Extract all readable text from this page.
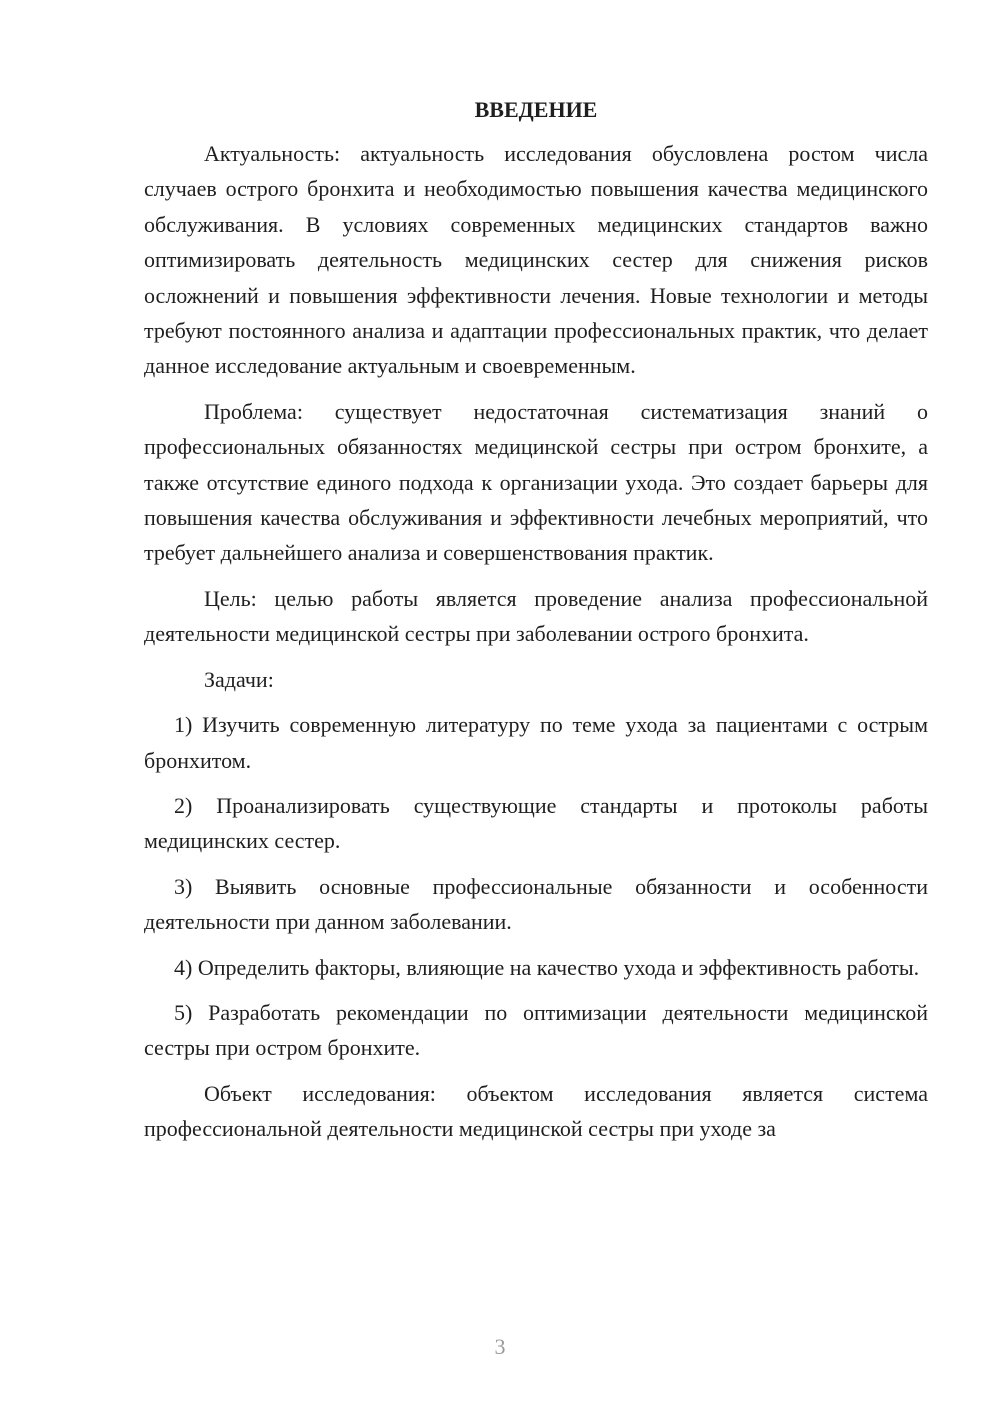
ВВЕДЕНИЕ

Актуальность: актуальность исследования обусловлена ростом числа случаев острого бронхита и необходимостью повышения качества медицинского обслуживания. В условиях современных медицинских стандартов важно оптимизировать деятельность медицинских сестер для снижения рисков осложнений и повышения эффективности лечения. Новые технологии и методы требуют постоянного анализа и адаптации профессиональных практик, что делает данное исследование актуальным и своевременным.

Проблема: существует недостаточная систематизация знаний о профессиональных обязанностях медицинской сестры при остром бронхите, а также отсутствие единого подхода к организации ухода. Это создает барьеры для повышения качества обслуживания и эффективности лечебных мероприятий, что требует дальнейшего анализа и совершенствования практик.

Цель: целью работы является проведение анализа профессиональной деятельности медицинской сестры при заболевании острого бронхита.

Задачи:

1) Изучить современную литературу по теме ухода за пациентами с острым бронхитом.

2) Проанализировать существующие стандарты и протоколы работы медицинских сестер.

3) Выявить основные профессиональные обязанности и особенности деятельности при данном заболевании.

4) Определить факторы, влияющие на качество ухода и эффективность работы.

5) Разработать рекомендации по оптимизации деятельности медицинской сестры при остром бронхите.

Объект исследования: объектом исследования является система профессиональной деятельности медицинской сестры при уходе за

3
